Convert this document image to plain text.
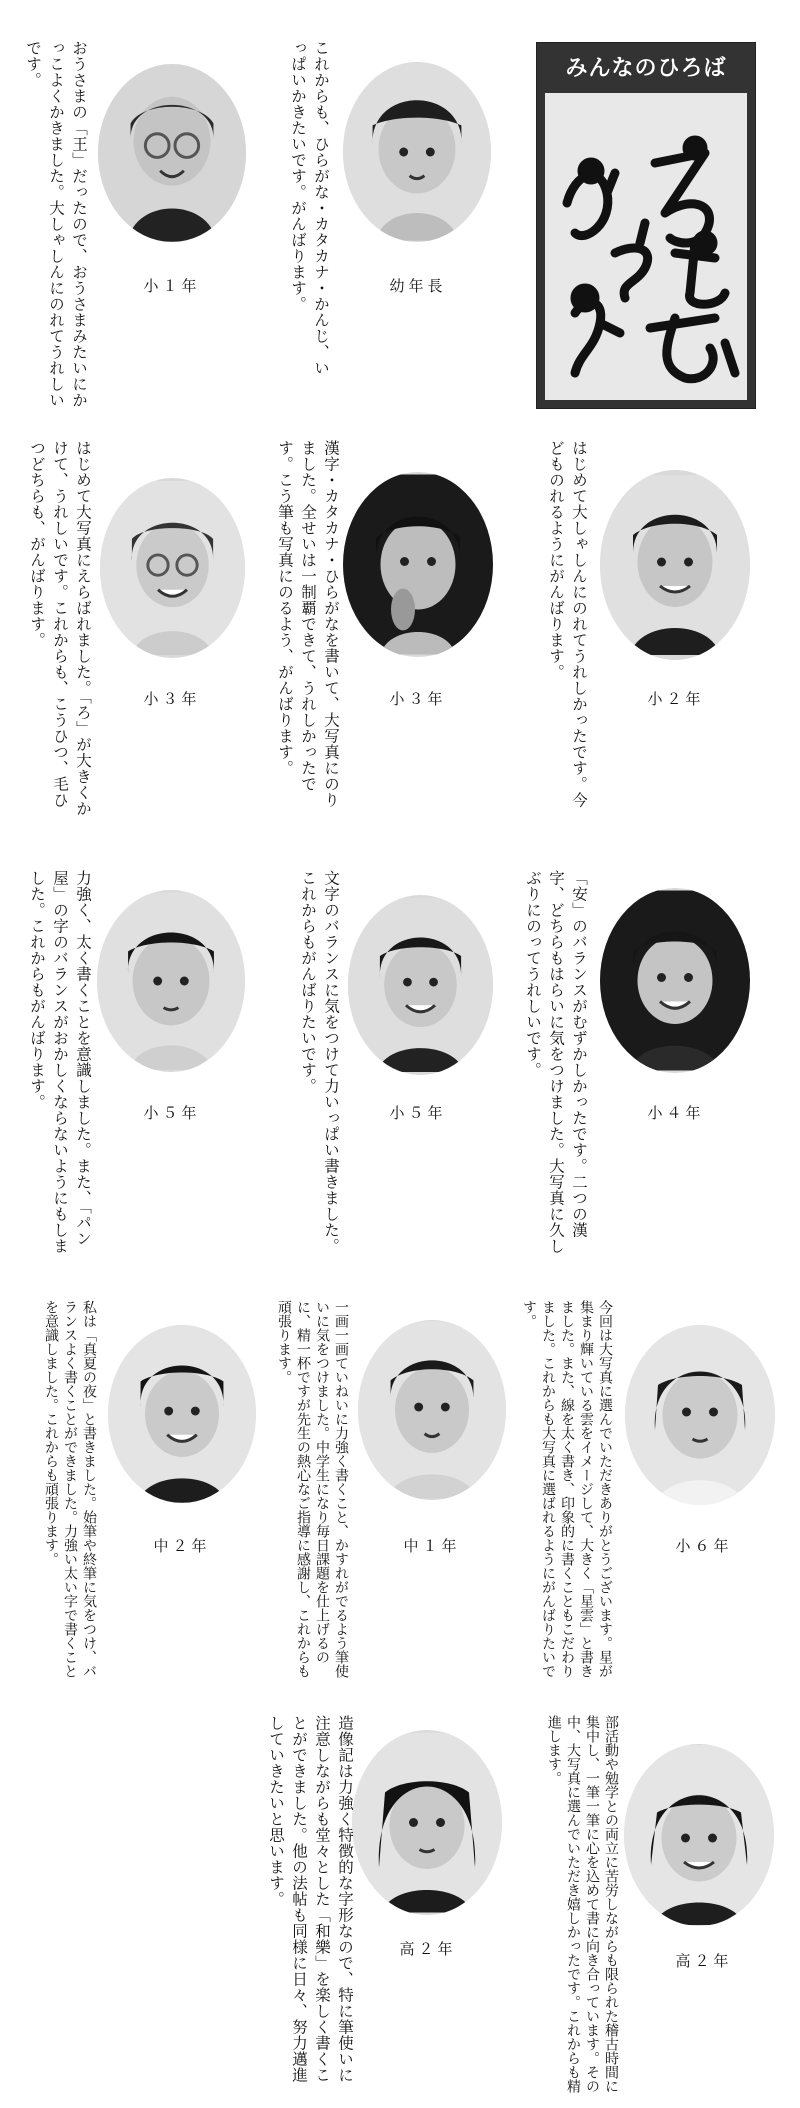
みんなのひろば
小１年
おうさまの「王」だったので、おうさまみたいにかっこよくかきました。大しゃしんにのれてうれしいです。
幼年長
これからも、ひらがな・カタカナ・かんじ、いっぱいかきたいです。がんばります。
小３年
はじめて大写真にえらばれました。「ろ」が大きくかけて、うれしいです。これからも、こうひつ、毛ひつどちらも、がんばります。
小３年
漢字・カタカナ・ひらがなを書いて、大写真にのりました。全せいは一制覇できて、うれしかったです。こう筆も写真にのるよう、がんばります。	小２年
はじめて大しゃしんにのれてうれしかったです。今どものれるようにがんばります。
小５年
力強く、太く書くことを意識しました。また、「パン屋」の字のバランスがおかしくならないようにもしました。これからもがんばります。
小５年
文字のバランスに気をつけて力いっぱい書きました。これからもがんばりたいです。
小４年
「安」のバランスがむずかしかったです。二つの漢字、どちらもはらいに気をつけました。大写真に久しぶりにのってうれしいです。
中２年
私は「真夏の夜」と書きました。始筆や終筆に気をつけ、バランスよく書くことができました。力強い太い字で書くことを意識しました。これからも頑張ります。	中１年
一画一画ていねいに力強く書くこと、かすれがでるよう筆使いに気をつけました。中学生になり毎日課題を仕上げるのに、精一杯ですが先生の熱心なご指導に感謝し、これからも頑張ります。
小６年
今回は大写真に選んでいただきありがとうございます。星が集まり輝いている雲をイメージして、大きく「星雲」と書きました。また、線を太く書き、印象的に書くこともこだわりました。これからも大写真に選ばれるようにがんばりたいです。
高２年
造像記は力強く特徴的な字形なので、特に筆使いに注意しながらも堂々とした「和樂」を楽しく書くことができました。他の法帖も同様に日々、努力邁進していきたいと思います。
高２年
部活動や勉学との両立に苦労しながらも限られた稽古時間に集中し、一筆一筆に心を込めて書に向き合っています。その中、大写真に選んでいただき嬉しかったです。これからも精進します。
